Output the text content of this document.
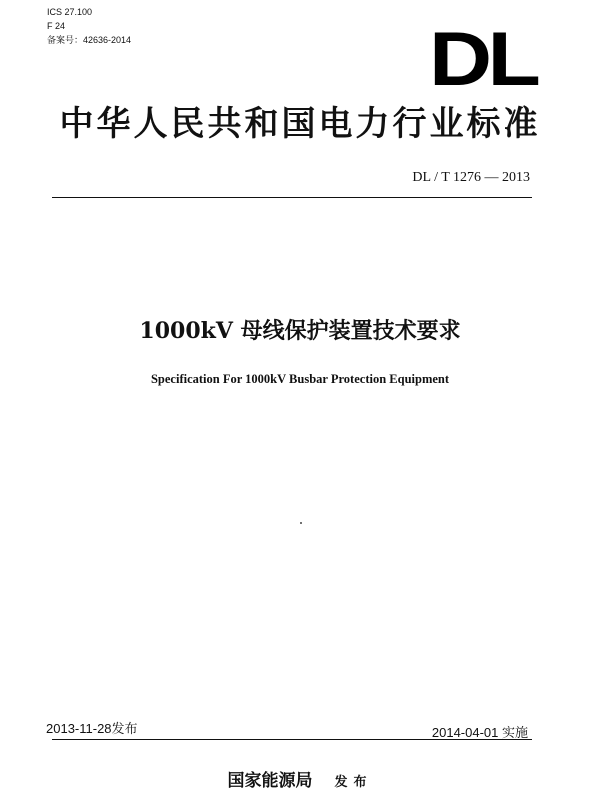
ICS 27.100
F 24
备案号：42636-2014	DL
中华人民共和国电力行业标准
DL / T 1276 — 2013
1000kV 母线保护装置技术要求
Specification For 1000kV Busbar Protection Equipment
2013-11-28发布	2014-04-01 实施
国家能源局 发布
